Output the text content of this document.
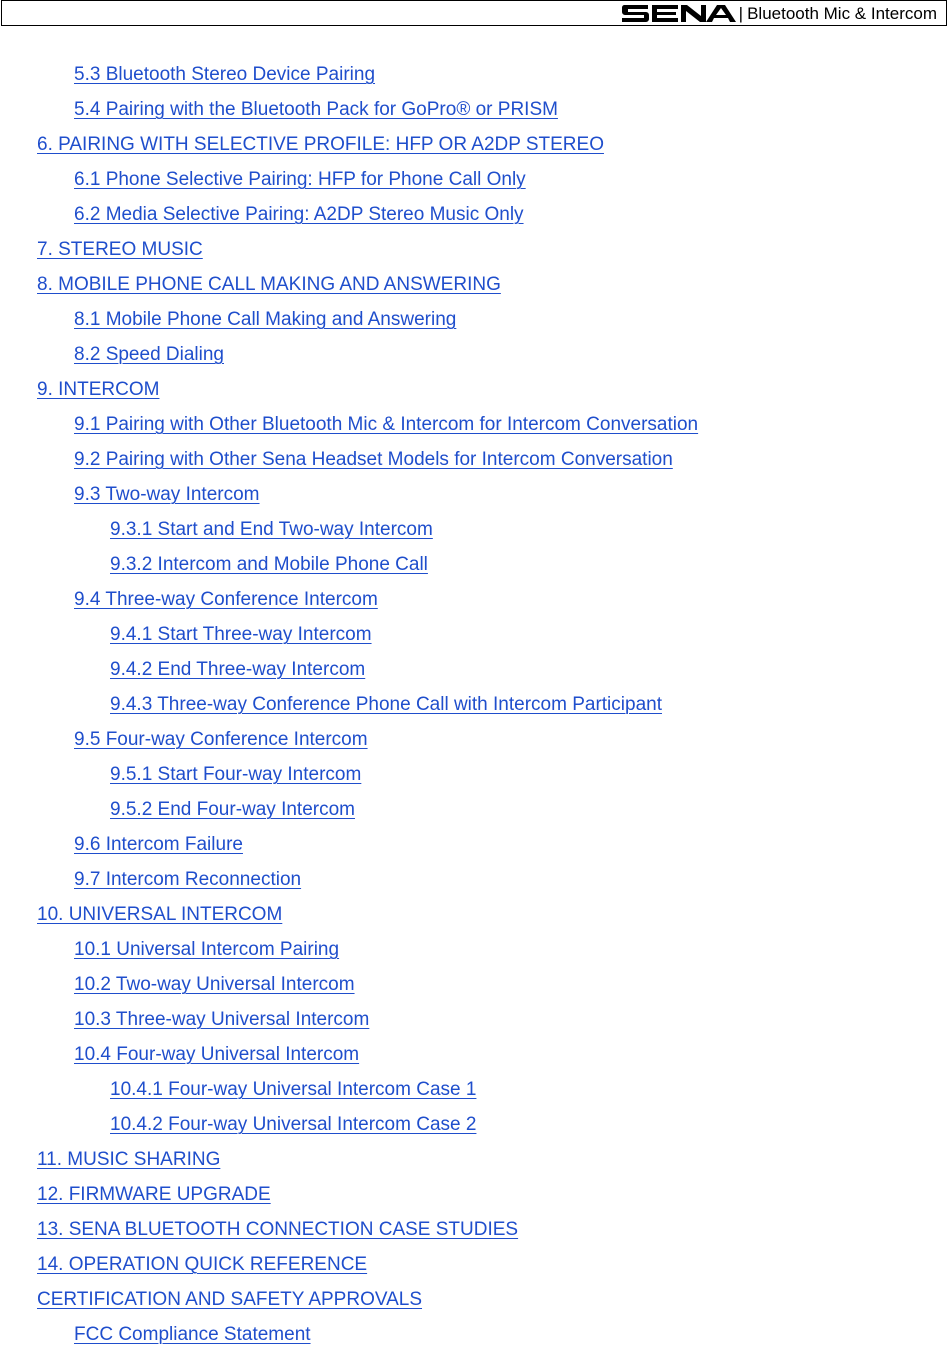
| Bluetooth Mic & Intercom
5.3 Bluetooth Stereo Device Pairing
5.4 Pairing with the Bluetooth Pack for GoPro® or PRISM
6. PAIRING WITH SELECTIVE PROFILE: HFP OR A2DP STEREO
6.1 Phone Selective Pairing: HFP for Phone Call Only
6.2 Media Selective Pairing: A2DP Stereo Music Only
7. STEREO MUSIC
8. MOBILE PHONE CALL MAKING AND ANSWERING
8.1 Mobile Phone Call Making and Answering
8.2 Speed Dialing
9. INTERCOM
9.1 Pairing with Other Bluetooth Mic & Intercom for Intercom Conversation
9.2 Pairing with Other Sena Headset Models for Intercom Conversation
9.3 Two-way Intercom
9.3.1 Start and End Two-way Intercom
9.3.2 Intercom and Mobile Phone Call
9.4 Three-way Conference Intercom
9.4.1 Start Three-way Intercom
9.4.2 End Three-way Intercom
9.4.3 Three-way Conference Phone Call with Intercom Participant
9.5 Four-way Conference Intercom
9.5.1 Start Four-way Intercom
9.5.2 End Four-way Intercom
9.6 Intercom Failure
9.7 Intercom Reconnection
10. UNIVERSAL INTERCOM
10.1 Universal Intercom Pairing
10.2 Two-way Universal Intercom
10.3 Three-way Universal Intercom
10.4 Four-way Universal Intercom
10.4.1 Four-way Universal Intercom Case 1
10.4.2 Four-way Universal Intercom Case 2
11. MUSIC SHARING
12. FIRMWARE UPGRADE
13. SENA BLUETOOTH CONNECTION CASE STUDIES
14. OPERATION QUICK REFERENCE
CERTIFICATION AND SAFETY APPROVALS
FCC Compliance Statement
